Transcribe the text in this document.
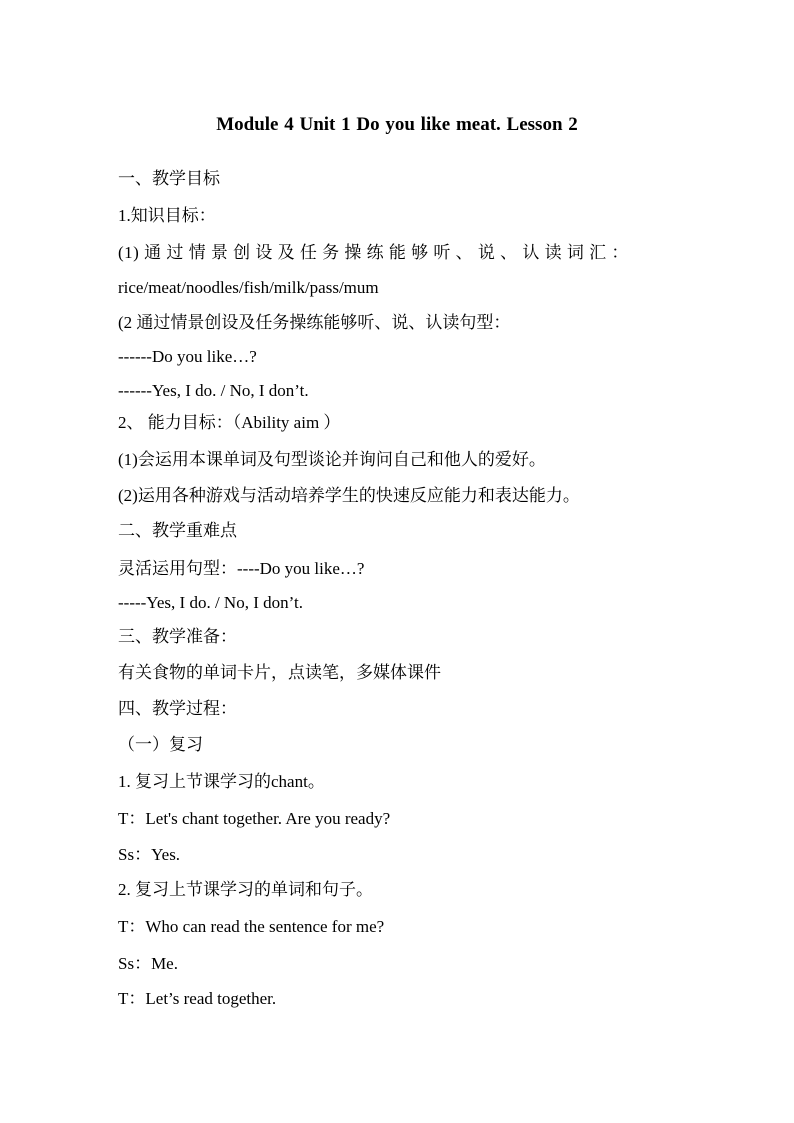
Module 4 Unit 1 Do you like meat. Lesson 2
一、教学目标
1.知识目标：
(1) 通 过 情 景 创 设 及 任 务 操 练 能 够 听 、 说 、 认 读 词 汇 ：
rice/meat/noodles/fish/milk/pass/mum
(2 通过情景创设及任务操练能够听、说、认读句型：
------Do you like…?
------Yes, I do. / No, I don’t.
2、 能力目标：（Ability aim ）
(1)会运用本课单词及句型谈论并询问自己和他人的爱好。
(2)运用各种游戏与活动培养学生的快速反应能力和表达能力。
二、教学重难点
灵活运用句型：----Do you like…?
-----Yes, I do. / No, I don’t.
三、教学准备：
有关食物的单词卡片，点读笔，多媒体课件
四、教学过程：
（一）复习
1. 复习上节课学习的chant。
T：Let's chant together. Are you ready?
Ss：Yes.
2. 复习上节课学习的单词和句子。
T：Who can read the sentence for me?
Ss：Me.
T：Let’s read together.
